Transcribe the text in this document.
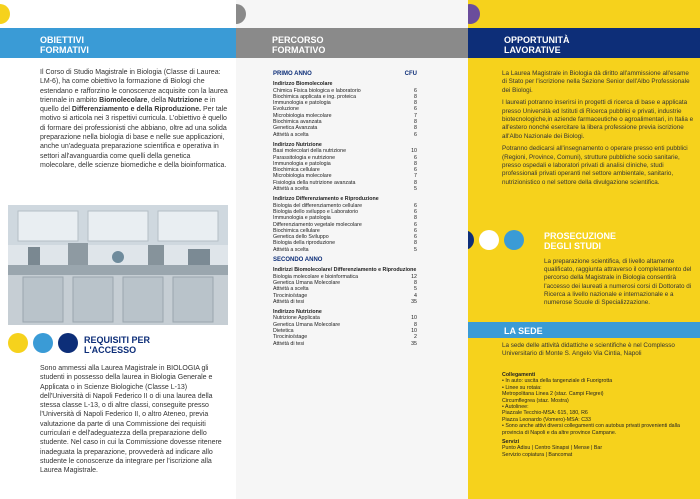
OBIETTIVI
FORMATIVI
Il Corso di Studio Magistrale in Biologia (Classe di Laurea: LM-6), ha come obiettivo la formazione di Biologi che estendano e rafforzino le conoscenze acquisite con la laurea triennale in ambito Biomolecolare, della Nutrizione e in quello del Differenziamento e della Riproduzione. Per tale motivo si articola nei 3 rispettivi curricula. L'obiettivo è quello di formare dei professionisti che abbiano, oltre ad una solida preparazione nella biologia di base e nelle sue applicazioni, anche un'adeguata preparazione scientifica e operativa in settori all'avanguardia come quelli della genetica molecolare, delle scienze biomediche e della bioinformatica.
REQUISITI PER
L'ACCESSO
Sono ammessi alla Laurea Magistrale in BIOLOGIA gli studenti in possesso della laurea in Biologia Generale e Applicata o in Scienze Biologiche (Classe L-13) dell'Università di Napoli Federico II o di una laurea della stessa classe L-13, o di altre classi, conseguite presso l'Università di Napoli Federico II, o altro Ateneo, previa valutazione da parte di una Commissione dei requisiti curriculari e dell'adeguatezza della preparazione dello studente. Nel caso in cui la Commissione dovesse ritenere inadeguata la preparazione, provvederà ad indicare allo studente le conoscenze da integrare per l'iscrizione alla Laurea Magistrale.
PERCORSO
FORMATIVO
PRIMO ANNO	CFU
Indirizzo Biomolecolare
Chimica Fisica biologica e laboratorio	6
Biochimica applicata e ing. proteica	8
Immunologia e patologia	8
Evoluzione	6
Microbiologia molecolare	7
Biochimica avanzata	8
Genetica Avanzata	8
Attività a scelta	6
Indirizzo Nutrizione
Basi molecolari della nutrizione	10
Parassitologia e nutrizione	6
Immunologia e patologia	8
Biochimica cellulare	6
Microbiologia molecolare	7
Fisiologia della nutrizione avanzata	8
Attività a scelta	5
Indirizzo Differenziamento e Riproduzione
Biologia del differenziamento cellulare	6
Biologia dello sviluppo e Laboratorio	6
Immunologia e patologia	8
Differenziamento vegetale molecolare	6
Biochimica cellulare	6
Genetica dello Sviluppo	6
Biologia della riproduzione	8
Attività a scelta	5
SECONDO ANNO
Indirizzi Biomolecolare/ Differenziamento e Riproduzione
Biologia molecolare e bioinformatica	12
Genetica Umana Molecolare	8
Attività a scelta	5
Tirocinio/stage	4
Attività di tesi	35
Indirizzo Nutrizione
Nutrizione Applicata	10
Genetica Umana Molecolare	8
Dietetica	10
Tirocinio/stage	2
Attività di tesi	35
OPPORTUNITÀ
LAVORATIVE

La Laurea Magistrale in Biologia dà diritto all'ammissione all'esame di Stato per l'iscrizione nella Sezione Senior dell'Albo Professionale dei Biologi.

I laureati potranno inserirsi in progetti di ricerca di base e applicata presso Università ed Istituti di Ricerca pubblici e privati, industrie biotecnologiche,in aziende farmaceutiche o agroalimentari, in Italia e all'estero nonché esercitare la libera professione previa iscrizione all'Albo Nazionale dei Biologi.

Potranno dedicarsi all'insegnamento o operare presso enti pubblici (Regioni, Province, Comuni), strutture pubbliche socio sanitarie, presso ospedali e laboratori privati di analisi cliniche, studi professionali privati operanti nel settore ambientale, sanitario, nutrizionistico o nel settore della divulgazione scientifica.

PROSECUZIONE
DEGLI STUDI
La preparazione scientifica, di livello altamente qualificato, raggiunta attraverso il completamento del percorso della Magistrale in Biologia consentirà l'accesso dei laureati a numerosi corsi di Dottorato di Ricerca a livello nazionale e internazionale e a numerose Scuole di Specializzazione.
LA SEDE
La sede delle attività didattiche e scientifiche è nel Complesso Universitario di Monte S. Angelo Via Cintia, Napoli
Collegamenti
• In auto: uscita della tangenziale di Fuorigrotta
• Linee su rotaia:
Metropolitana Linea 2 (staz. Campi Flegrei)
Circumflegrea (staz. Mostra)
• Autolinee:
Piazzale Tecchio-MSA: 615, 180, R6
Piazza Leonardo (Vomero)-MSA: C33
• Sono anche attivi diversi collegamenti con autobus privati provenienti dalla provincia di Napoli e da altre province Campane.
Servizi
Punto Adisu | Centro Sinapsi | Mense | Bar
Servizio copiatura | Bancomat
